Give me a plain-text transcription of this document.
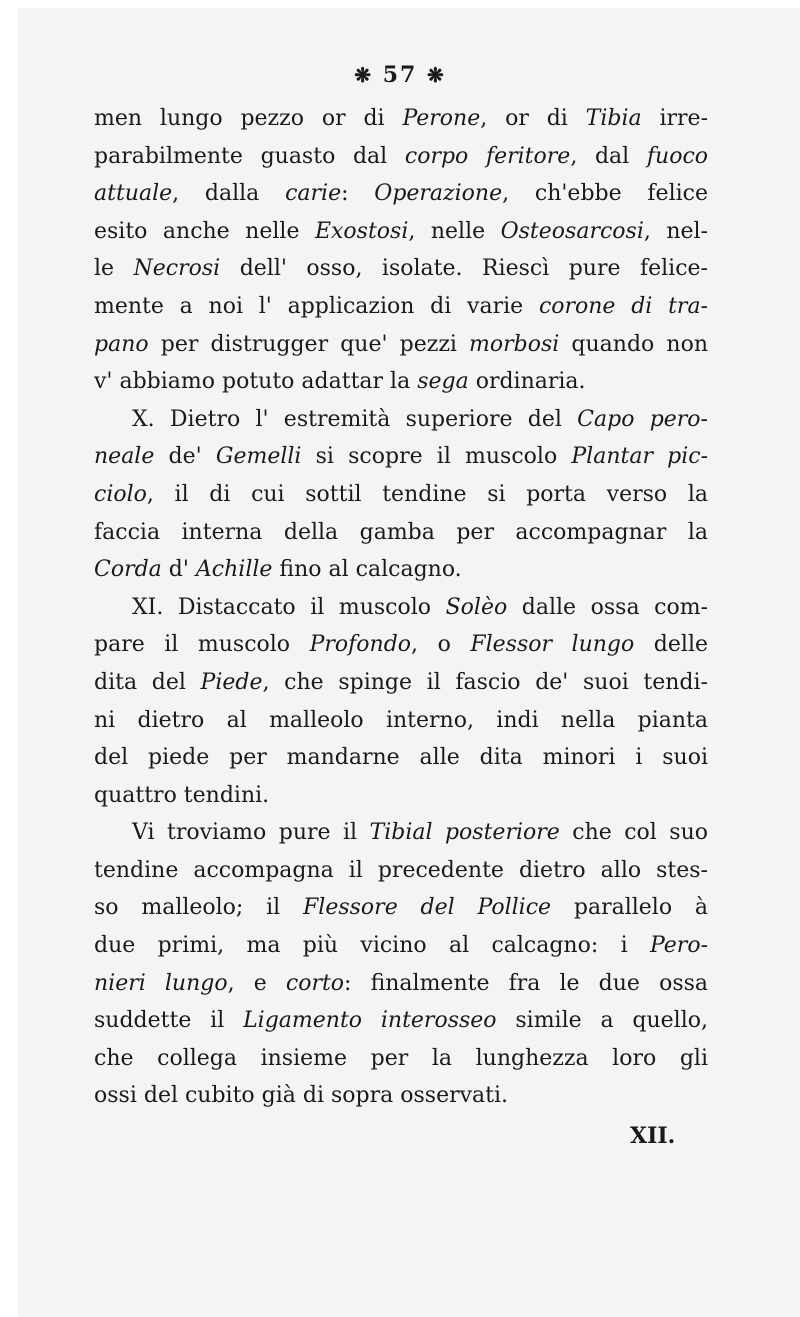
❋ 57 ❋
men lungo pezzo or di Perone, or di Tibia irre-
parabilmente guasto dal corpo feritore, dal fuoco
attuale, dalla carie: Operazione, ch'ebbe felice
esito anche nelle Exostosi, nelle Osteosarcosi, nel-
le Necrosi dell' osso, isolate. Riescì pure felice-
mente a noi l' applicazion di varie corone di tra-
pano per distrugger que' pezzi morbosi quando non
v' abbiamo potuto adattar la sega ordinaria.
X. Dietro l' estremità superiore del Capo pero-
neale de' Gemelli si scopre il muscolo Plantar pic-
ciolo, il di cui sottil tendine si porta verso la
faccia interna della gamba per accompagnar la
Corda d' Achille fino al calcagno.
XI. Distaccato il muscolo Solèo dalle ossa com-
pare il muscolo Profondo, o Flessor lungo delle
dita del Piede, che spinge il fascio de' suoi tendi-
ni dietro al malleolo interno, indi nella pianta
del piede per mandarne alle dita minori i suoi
quattro tendini.
Vi troviamo pure il Tibial posteriore che col suo
tendine accompagna il precedente dietro allo stes-
so malleolo; il Flessore del Pollice parallelo à
due primi, ma più vicino al calcagno: i Pero-
nieri lungo, e corto: finalmente fra le due ossa
suddette il Ligamento interosseo simile a quello,
che collega insieme per la lunghezza loro gli
ossi del cubito già di sopra osservati.
XII.
